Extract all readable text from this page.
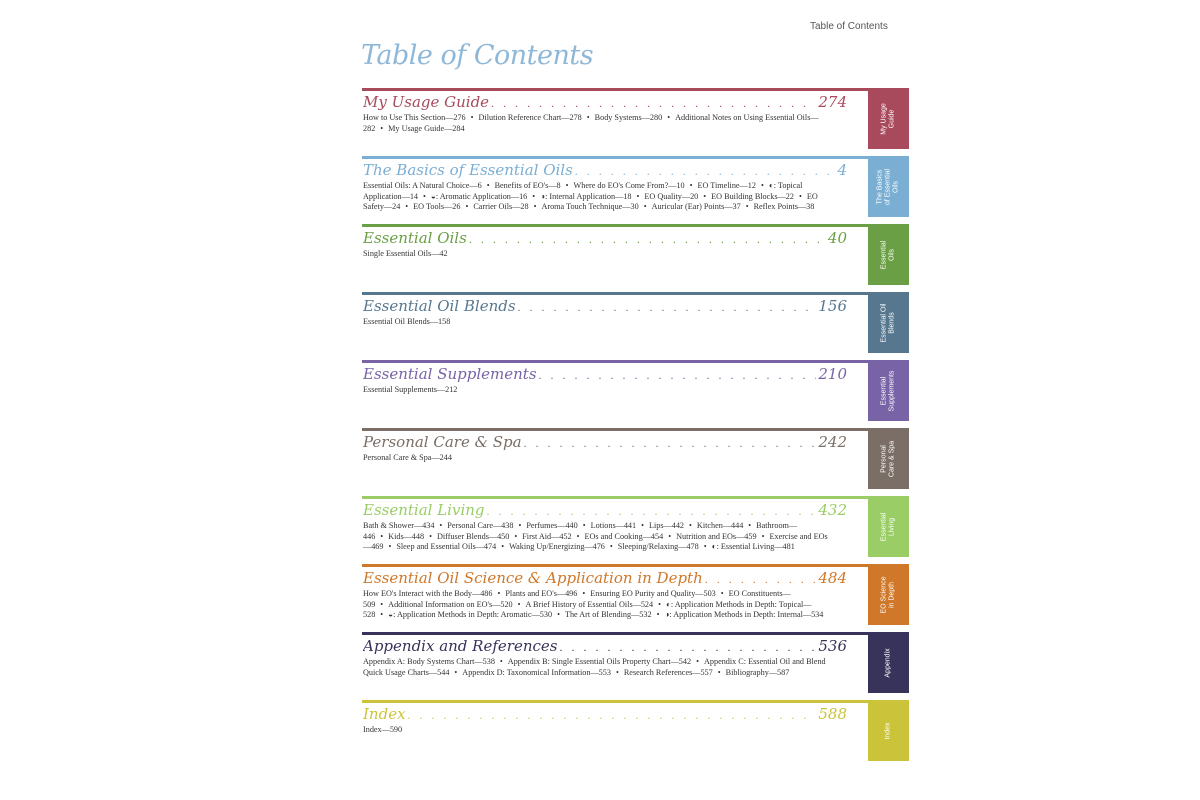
Table of Contents
Table of Contents
My Usage Guide . . .	274
How to Use This Section—276 • Dilution Reference Chart—278 • Body Systems—280 • Additional Notes on Using Essential Oils—282 • My Usage Guide—284	My Usage Guide
The Basics of Essential Oils . . .	4
Essential Oils: A Natural Choice—6 • Benefits of EO's—8 • Where do EO's Come From?—10 • EO Timeline—12 • ◐: Topical Application—14 • ◒: Aromatic Application—16 • ◑: Internal Application—18 • EO Quality—20 • EO Building Blocks—22 • EO Safety—24 • EO Tools—26 • Carrier Oils—28 • Aroma Touch Technique—30 • Auricular (Ear) Points—37 • Reflex Points—38
The Basics of Essential Oils
Essential Oils . . .	40
Single Essential Oils—42	Essential Oils
Essential Oil Blends . . .	156
Essential Oil Blends—158	Essential Oil Blends
Essential Supplements . . .	210
Essential Supplements—212	Essential Supplements
Personal Care & Spa . . .	242
Personal Care & Spa—244	Personal Care & Spa
Essential Living . . .	432
Bath & Shower—434 • Personal Care—438 • Perfumes—440 • Lotions—441 • Lips—442 • Kitchen—444 • Bathroom—446 • Kids—448 • Diffuser Blends—450 • First Aid—452 • EOs and Cooking—454 • Nutrition and EOs—459 • Exercise and EOs—469 • Sleep and Essential Oils—474 • Waking Up/Energizing—476 • Sleeping/Relaxing—478 • ◐: Essential Living—481
Essential Living
Essential Oil Science & Application in Depth . . .	484
How EO's Interact with the Body—486 • Plants and EO's—496 • Ensuring EO Purity and Quality—503 • EO Constituents—509 • Additional Information on EO's—520 • A Brief History of Essential Oils—524 • ◐: Application Methods in Depth: Topical—528 • ◒: Application Methods in Depth: Aromatic—530 • The Art of Blending—532 • ◑: Application Methods in Depth: Internal—534
EO Science in Depth
Appendix and References . . .	536
Appendix A: Body Systems Chart—538 • Appendix B: Single Essential Oils Property Chart—542 • Appendix C: Essential Oil and Blend Quick Usage Charts—544 • Appendix D: Taxonomical Information—553 • Research References—557 • Bibliography—587	Appendix
Index . . .	588
Index—590	Index
